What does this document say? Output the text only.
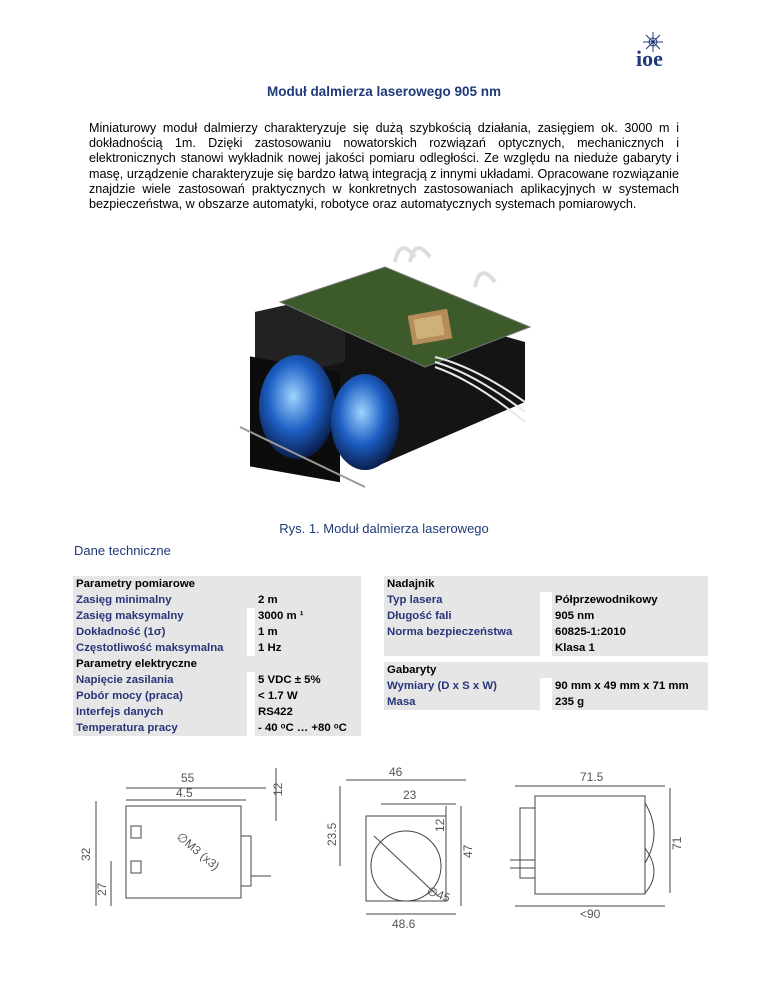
ioe
Moduł dalmierza laserowego 905 nm
Miniaturowy moduł dalmierzy charakteryzuje się dużą szybkością działania, zasięgiem ok. 3000 m i dokładnością 1m. Dzięki zastosowaniu nowatorskich rozwiązań optycznych, mechanicznych i elektronicznych stanowi wykładnik nowej jakości pomiaru odległości. Ze względu na nieduże gabaryty i masę, urządzenie charakteryzuje się bardzo łatwą integracją z innymi układami. Opracowane rozwiązanie znajdzie wiele zastosowań praktycznych w konkretnych zastosowaniach aplikacyjnych w systemach bezpieczeństwa, w obszarze automatyki, robotyce oraz automatycznych systemach pomiarowych.
Rys. 1. Moduł dalmierza laserowego
Dane techniczne
Parametry pomiarowe		
Zasięg minimalny		2 m
Zasięg maksymalny		3000 m ¹
Dokładność (1σ)		1 m
Częstotliwość maksymalna		1 Hz
Parametry elektryczne		
Napięcie zasilania		5 VDC ± 5%
Pobór mocy (praca)		< 1.7 W
Interfejs danych		RS422
Temperatura pracy		- 40 ᵒC … +80 ᵒC
Nadajnik		
Typ lasera		Półprzewodnikowy
Długość fali		905 nm
Norma bezpieczeństwa		60825-1:2010
		Klasa 1

Gabaryty		
Wymiary (D x S x W)		90 mm x 49 mm x 71 mm
Masa		235 g
55
4.5	12
32
27
∅M3 (x3)
46
23
23.5	12
47
48.6
∅45
71.5
71
<90
